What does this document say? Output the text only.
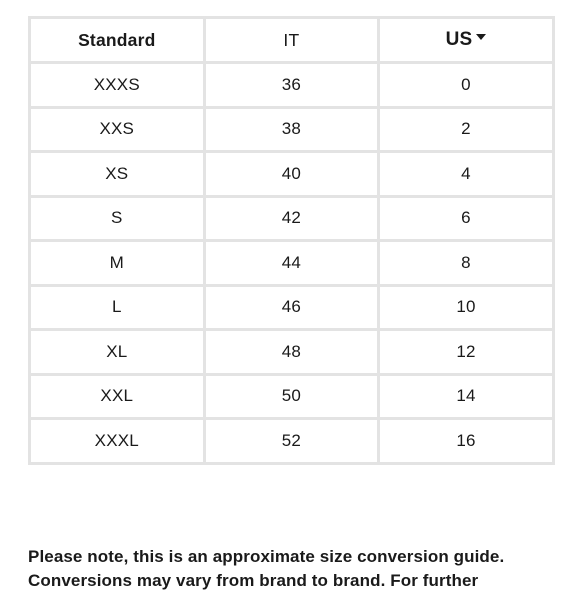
Standard	IT	US
XXXS	36	0
XXS	38	2
XS	40	4
S	42	6
M	44	8
L	46	10
XL	48	12
XXL	50	14
XXXL	52	16
Please note, this is an approximate size conversion guide.
Conversions may vary from brand to brand. For further
